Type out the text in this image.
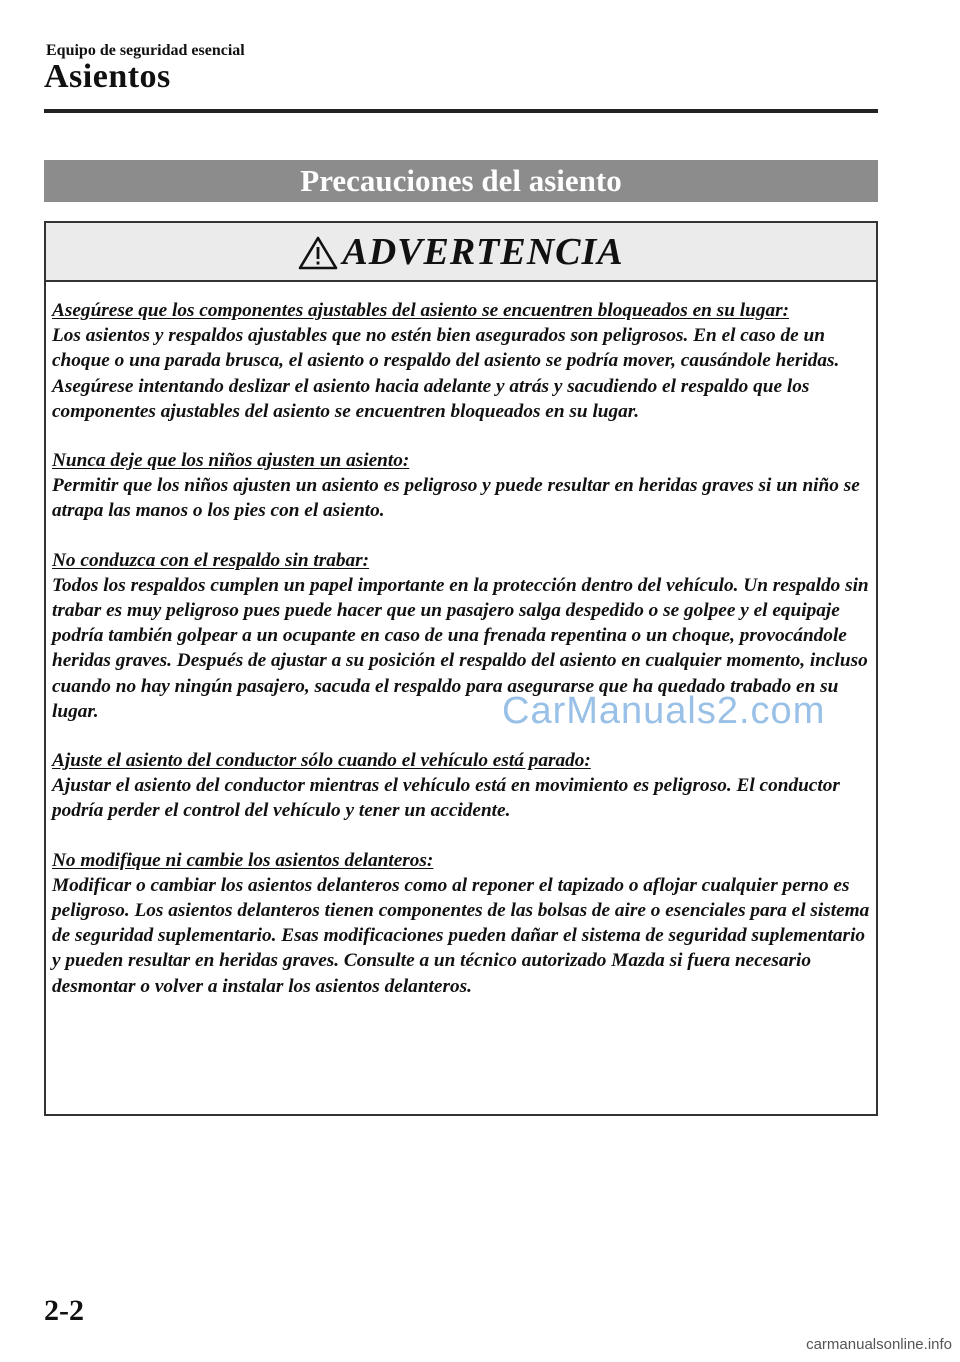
Equipo de seguridad esencial
Asientos
Precauciones del asiento
ADVERTENCIA
Asegúrese que los componentes ajustables del asiento se encuentren bloqueados en su lugar:
Los asientos y respaldos ajustables que no estén bien asegurados son peligrosos. En el caso de un choque o una parada brusca, el asiento o respaldo del asiento se podría mover, causándole heridas. Asegúrese intentando deslizar el asiento hacia adelante y atrás y sacudiendo el respaldo que los componentes ajustables del asiento se encuentren bloqueados en su lugar.
Nunca deje que los niños ajusten un asiento:
Permitir que los niños ajusten un asiento es peligroso y puede resultar en heridas graves si un niño se atrapa las manos o los pies con el asiento.
No conduzca con el respaldo sin trabar:
Todos los respaldos cumplen un papel importante en la protección dentro del vehículo. Un respaldo sin trabar es muy peligroso pues puede hacer que un pasajero salga despedido o se golpee y el equipaje podría también golpear a un ocupante en caso de una frenada repentina o un choque, provocándole heridas graves. Después de ajustar a su posición el respaldo del asiento en cualquier momento, incluso cuando no hay ningún pasajero, sacuda el respaldo para asegurarse que ha quedado trabado en su lugar.
Ajuste el asiento del conductor sólo cuando el vehículo está parado:
Ajustar el asiento del conductor mientras el vehículo está en movimiento es peligroso. El conductor podría perder el control del vehículo y tener un accidente.
No modifique ni cambie los asientos delanteros:
Modificar o cambiar los asientos delanteros como al reponer el tapizado o aflojar cualquier perno es peligroso. Los asientos delanteros tienen componentes de las bolsas de aire o esenciales para el sistema de seguridad suplementario. Esas modificaciones pueden dañar el sistema de seguridad suplementario y pueden resultar en heridas graves. Consulte a un técnico autorizado Mazda si fuera necesario desmontar o volver a instalar los asientos delanteros.
CarManuals2.com
2-2
carmanualsonline.info
